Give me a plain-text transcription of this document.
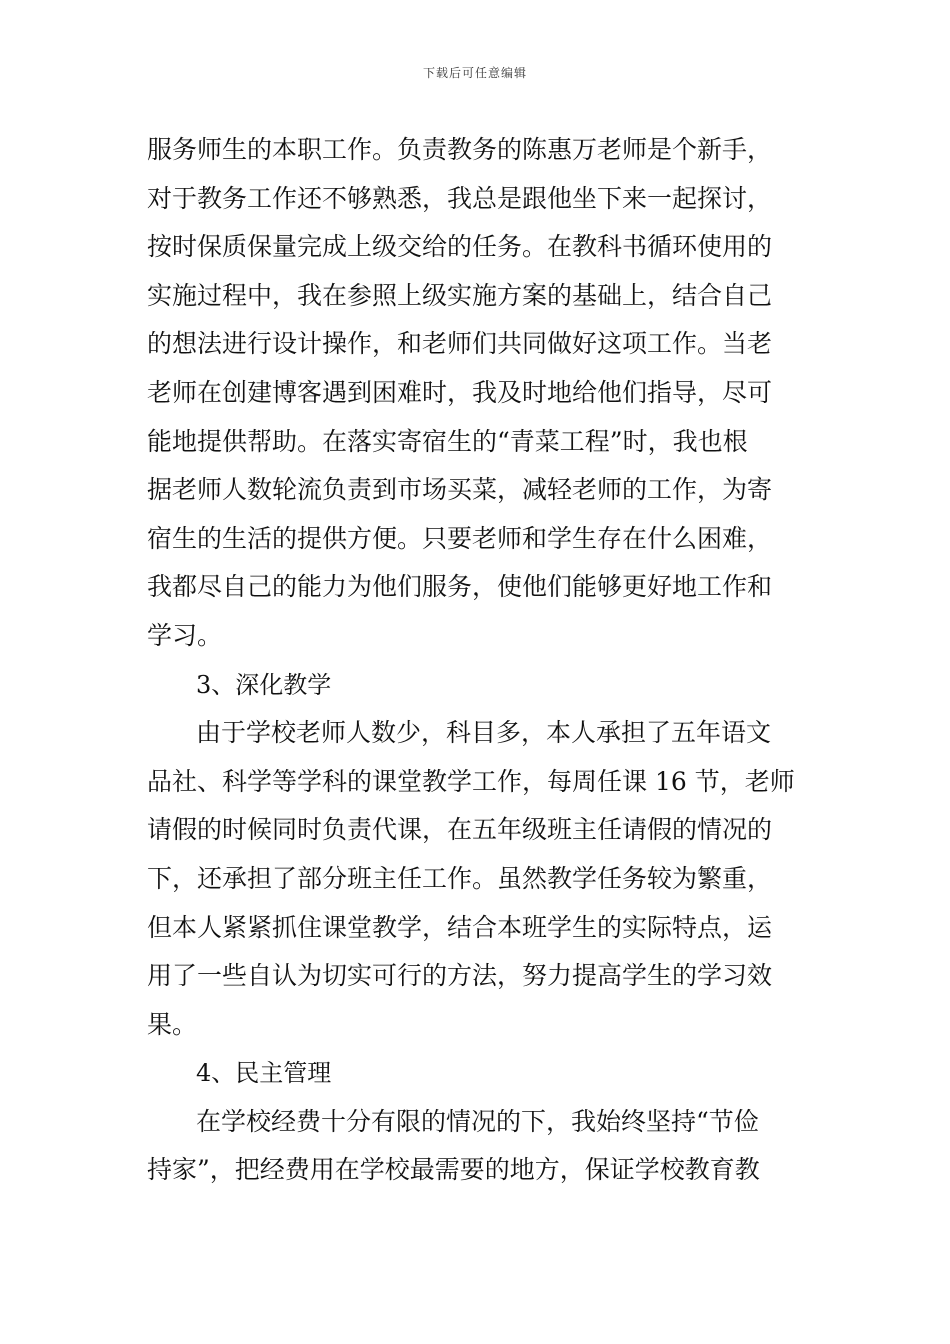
下载后可任意编辑
服务师生的本职工作。负责教务的陈惠万老师是个新手，
对于教务工作还不够熟悉，我总是跟他坐下来一起探讨，
按时保质保量完成上级交给的任务。在教科书循环使用的
实施过程中，我在参照上级实施方案的基础上，结合自己
的想法进行设计操作，和老师们共同做好这项工作。当老
老师在创建博客遇到困难时，我及时地给他们指导，尽可
能地提供帮助。在落实寄宿生的“青菜工程”时，我也根
据老师人数轮流负责到市场买菜，减轻老师的工作，为寄
宿生的生活的提供方便。只要老师和学生存在什么困难，
我都尽自己的能力为他们服务，使他们能够更好地工作和
学习。
3、深化教学
由于学校老师人数少，科目多，本人承担了五年语文
品社、科学等学科的课堂教学工作，每周任课 16 节，老师
请假的时候同时负责代课，在五年级班主任请假的情况的
下，还承担了部分班主任工作。虽然教学任务较为繁重，
但本人紧紧抓住课堂教学，结合本班学生的实际特点，运
用了一些自认为切实可行的方法，努力提高学生的学习效
果。
4、民主管理
在学校经费十分有限的情况的下，我始终坚持“节俭
持家”，把经费用在学校最需要的地方，保证学校教育教
